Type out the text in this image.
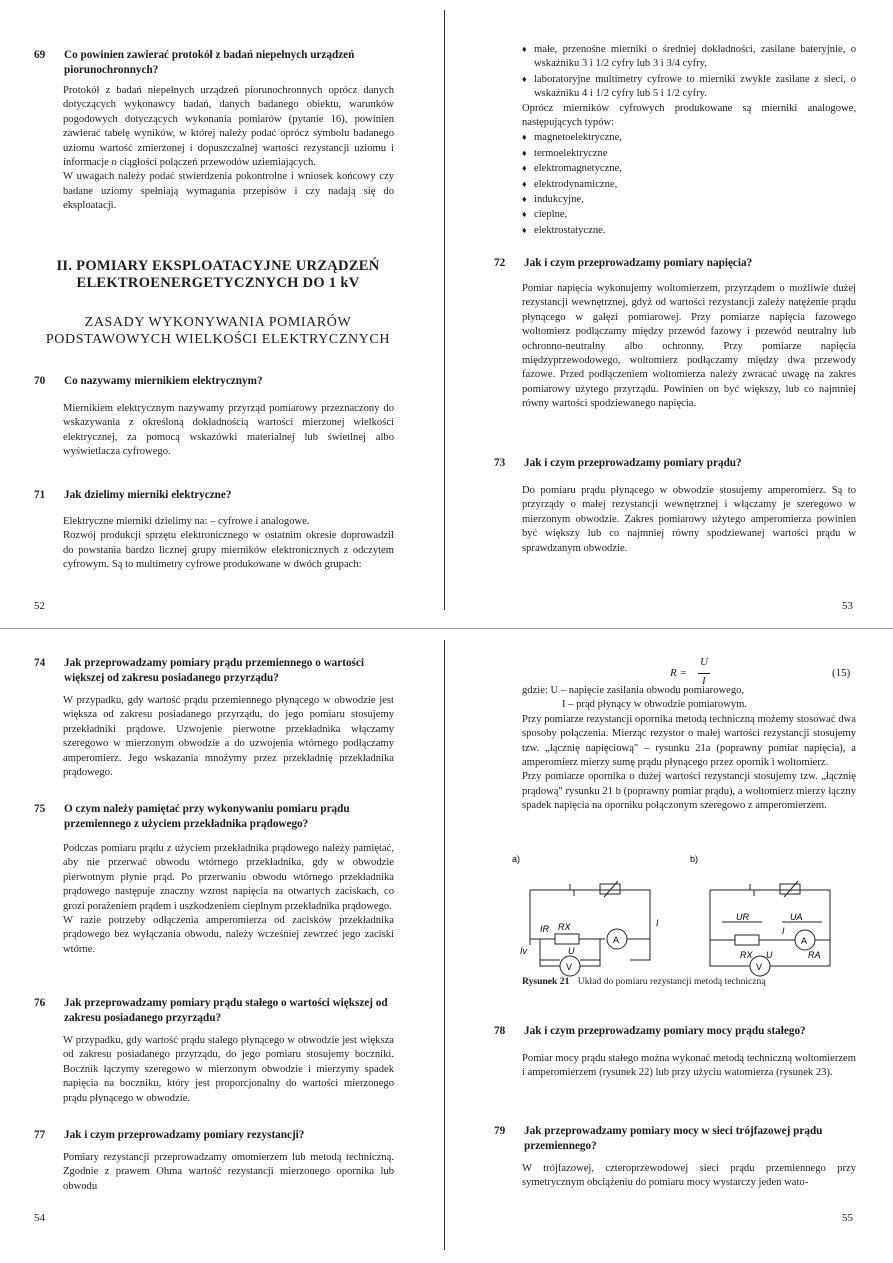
69 Co powinien zawierać protokół z badań niepełnych urządzeń piorunochronnych?
Protokół z badań niepełnych urządzeń piorunochronnych oprócz danych dotyczących wykonawcy badań, danych badanego obiektu, warunków pogodowych dotyczących wykonania pomiarów (pytanie 16), powinien zawierać tabelę wyników, w której należy podać oprócz symbolu badanego uziomu wartość zmierzonej i dopuszczalnej wartości rezystancji uziomu i informacje o ciągłości połączeń przewodów uziemiających.
W uwagach należy podać stwierdzenia pokontrolne i wniosek końcowy czy badane uziomy spełniają wymagania przepisów i czy nadają się do eksploatacji.
II. POMIARY EKSPLOATACYJNE URZĄDZEŃ ELEKTROENERGETYCZNYCH DO 1 kV
ZASADY WYKONYWANIA POMIARÓW PODSTAWOWYCH WIELKOŚCI ELEKTRYCZNYCH
70 Co nazywamy miernikiem elektrycznym?
Miernikiem elektrycznym nazywamy przyrząd pomiarowy przeznaczony do wskazywania z określoną dokładnością wartości mierzonej wielkości elektrycznej, za pomocą wskazówki materialnej lub świetlnej albo wyświetlacza cyfrowego.
71 Jak dzielimy mierniki elektryczne?
Elektryczne mierniki dzielimy na: – cyfrowe i analogowe.
Rozwój produkcji sprzętu elektronicznego w ostatnim okresie doprowadził do powstania bardzo licznej grupy mierników elektronicznych z odczytem cyfrowym. Są to multimetry cyfrowe produkowane w dwóch grupach:
52
♦ małe, przenośne mierniki o średniej dokładności, zasilane bateryjnie, o wskaźniku 3 i 1/2 cyfry lub 3 i 3/4 cyfry,
♦ laboratoryjne multimetry cyfrowe to mierniki zwykle zasilane z sieci, o wskaźniku 4 i 1/2 cyfry lub 5 i 1/2 cyfry.
Oprócz mierników cyfrowych produkowane są mierniki analogowe, następujących typów:
♦ magnetoelektryczne,
♦ termoelektryczne
♦ elektromagnetyczne,
♦ elektrodynamiczne,
♦ indukcyjne,
♦ cieplne,
♦ elektrostatyczne.
72 Jak i czym przeprowadzamy pomiary napięcia?
Pomiar napięcia wykonujemy woltomierzem, przyrządem o możliwie dużej rezystancji wewnętrznej, gdyż od wartości rezystancji zależy natężenie prądu płynącego w gałęzi pomiarowej. Przy pomiarze napięcia fazowego woltomierz podłączamy między przewód fazowy i przewód neutralny lub ochronno-neutralny albo ochronny. Przy pomiarze napięcia międzyprzewodowego, woltomierz podłączamy między dwa przewody fazowe. Przed podłączeniem woltomierza należy zwracać uwagę na zakres pomiarowy użytego przyrządu. Powinien on być większy, lub co najmniej równy wartości spodziewanego napięcia.
73 Jak i czym przeprowadzamy pomiary prądu?
Do pomiaru prądu płynącego w obwodzie stosujemy amperomierz. Są to przyrządy o małej rezystancji wewnętrznej i włączamy je szeregowo w mierzonym obwodzie. Zakres pomiarowy użytego amperomierza powinien być większy lub co najmniej równy spodziewanej wartości prądu w sprawdzanym obwodzie.
53
74 Jak przeprowadzamy pomiary prądu przemiennego o wartości większej od zakresu posiadanego przyrządu?
W przypadku, gdy wartość prądu przemiennego płynącego w obwodzie jest większa od zakresu posiadanego przyrządu, do jego pomiaru stosujemy przekładniki prądowe. Uzwojenie pierwotne przekładnika włączamy szeregowo w mierzonym obwodzie a do uzwojenia wtórnego podłączamy amperomierz. Jego wskazania mnożymy przez przekładnię przekładnika prądowego.
75 O czym należy pamiętać przy wykonywaniu pomiaru prądu przemiennego z użyciem przekładnika prądowego?
Podczas pomiaru prądu z użyciem przekładnika prądowego należy pamiętać, aby nie przerwać obwodu wtórnego przekładnika, gdy w obwodzie pierwotnym płynie prąd. Po przerwaniu obwodu wtórnego przekładnika prądowego następuje znaczny wzrost napięcia na otwartych zaciskach, co grozi porażeniem prądem i uszkodzeniem cieplnym przekładnika prądowego.
W razie potrzeby odłączenia amperomierza od zacisków przekładnika prądowego bez wyłączania obwodu, należy wcześniej zewrzeć jego zaciski wtórne.
76 Jak przeprowadzamy pomiary prądu stałego o wartości większej od zakresu posiadanego przyrządu?
W przypadku, gdy wartość prądu stałego płynącego w obwodzie jest większa od zakresu posiadanego przyrządu, do jego pomiaru stosujemy boczniki. Bocznik łączymy szeregowo w mierzonym obwodzie i mierzymy spadek napięcia na boczniku, który jest proporcjonalny do wartości mierzonego prądu płynącego w obwodzie.
77 Jak i czym przeprowadzamy pomiary rezystancji?
Pomiary rezystancji przeprowadzamy omomierzem lub metodą techniczną. Zgodnie z prawem Ohma wartość rezystancji mierzonego opornika lub obwodu
54
R =
U
I
(15)
gdzie: U – napięcie zasilania obwodu pomiarowego,
I – prąd płynący w obwodzie pomiarowym.
Przy pomiarze rezystancji opornika metodą techniczną możemy stosować dwa sposoby połączenia. Mierząc rezystor o małej wartości rezystancji stosujemy tzw. „łącznię napięciową" – rysunku 21a (poprawny pomiar napięcia), a amperomierz mierzy sumę prądu płynącego przez opornik i woltomierz.
Przy pomiarze opornika o dużej wartości rezystancji stosujemy tzw. „łącznię prądową" rysunku 21 b (poprawny pomiar prądu), a woltomierz mierzy łączny spadek napięcia na oporniku połączonym szeregowo z amperomierzem.
a)
IR RX	I
Iv	U
A
V
b)
UR	UA
I
RX	RA
U
A
V
Rysunek 21 Układ do pomiaru rezystancji metodą techniczną
78 Jak i czym przeprowadzamy pomiary mocy prądu stałego?
Pomiar mocy prądu stałego można wykonać metodą techniczną woltomierzem i amperomierzem (rysunek 22) lub przy użyciu watomierza (rysunek 23).
79 Jak przeprowadzamy pomiary mocy w sieci trójfazowej prądu przemiennego?
W trójfazowej, czteroprzewodowej sieci prądu przemiennego przy symetrycznym obciążeniu do pomiaru mocy wystarczy jeden wato-
55
